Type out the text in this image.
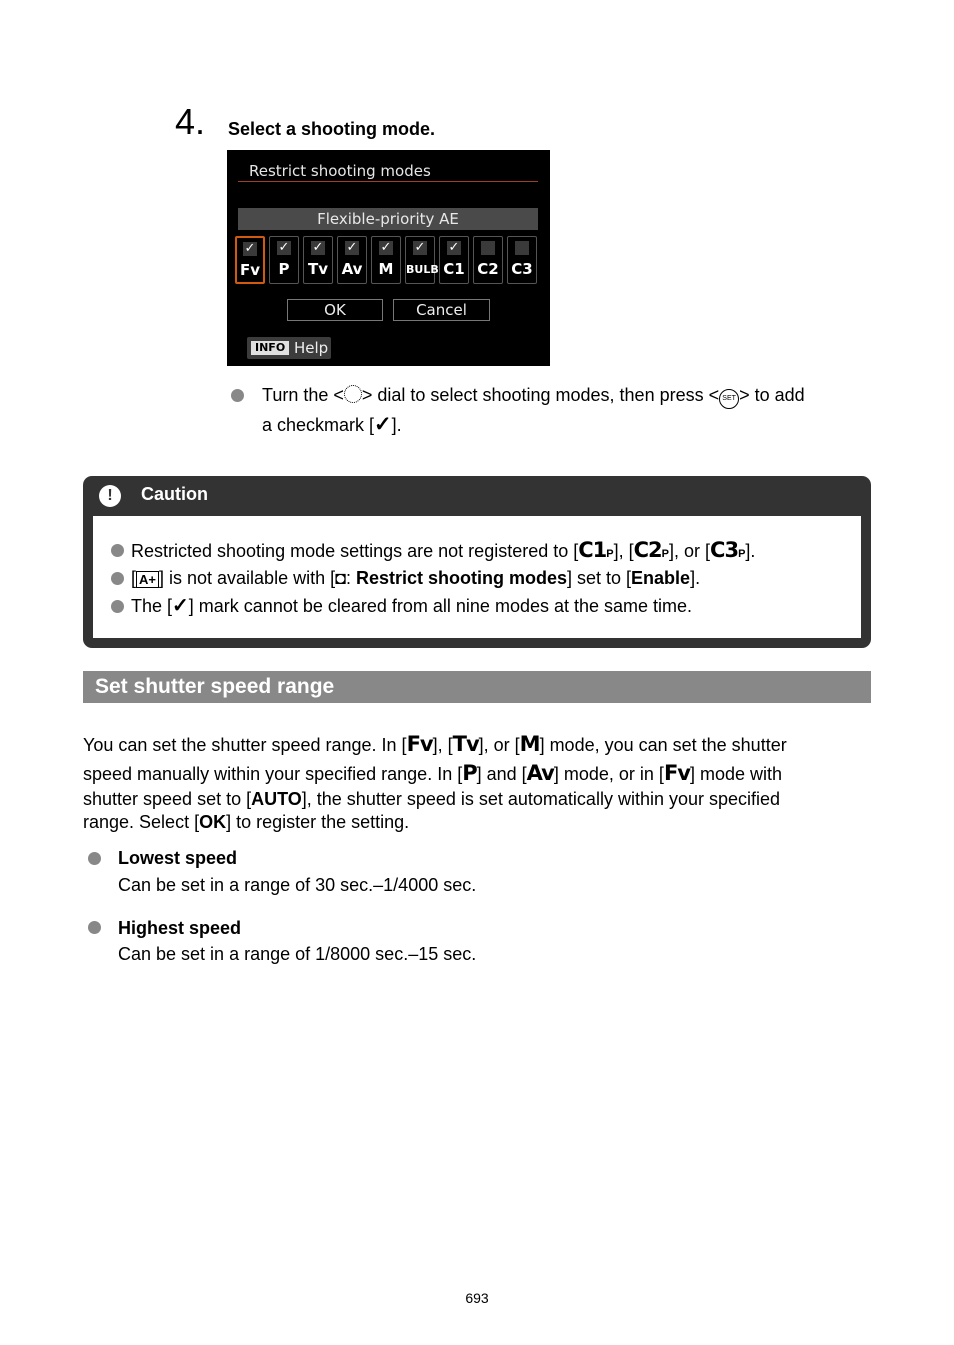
4. Select a shooting mode.
Restrict shooting modes
Flexible-priority AE
✓
Fv
✓
P
✓
Tv
✓
Av
✓
M
✓
BULB
✓
C1 C2 C3
OK	Cancel
INFO Help
Turn the < > dial to select shooting modes, then press < SET > to add
a checkmark [✓].
!	Caution
Restricted shooting mode settings are not registered to [C1P], [C2P], or [C3P].
[ A+ ] is not available with [◘: Restrict shooting modes] set to [Enable].
The [✓] mark cannot be cleared from all nine modes at the same time.
Set shutter speed range
You can set the shutter speed range. In [Fv], [Tv], or [M] mode, you can set the shutter
speed manually within your specified range. In [P] and [Av] mode, or in [Fv] mode with
shutter speed set to [AUTO], the shutter speed is set automatically within your specified
range. Select [OK] to register the setting.
Lowest speed
Can be set in a range of 30 sec.–1/4000 sec.
Highest speed
Can be set in a range of 1/8000 sec.–15 sec.
693
